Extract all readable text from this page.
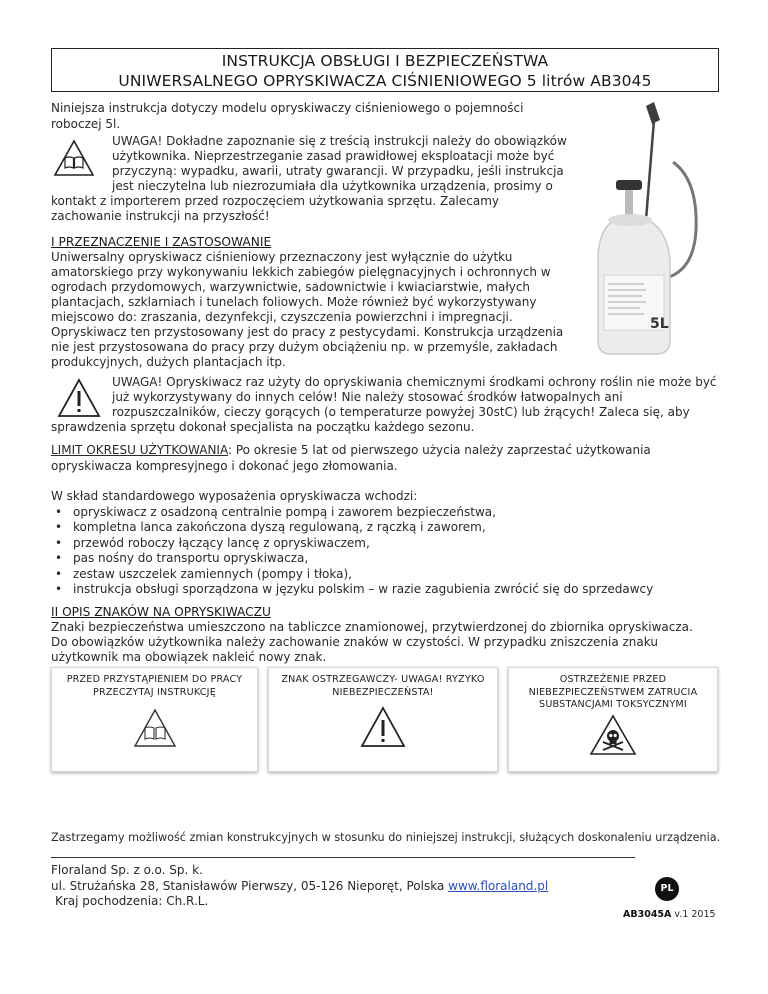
INSTRUKCJA OBSŁUGI I BEZPIECZEŃSTWA
UNIWERSALNEGO OPRYSKIWACZA CIŚNIENIOWEGO 5 litrów AB3045
Niniejsza instrukcja dotyczy modelu opryskiwaczy ciśnieniowego o pojemności
roboczej 5l.
UWAGA! Dokładne zapoznanie się z treścią instrukcji należy do obowiązków
użytkownika. Nieprzestrzeganie zasad prawidłowej eksploatacji może być
przyczyną: wypadku, awarii, utraty gwarancji. W przypadku, jeśli instrukcja
jest nieczytelna lub niezrozumiała dla użytkownika urządzenia, prosimy o
kontakt z importerem przed rozpoczęciem użytkowania sprzętu. Zalecamy
zachowanie instrukcji na przyszłość!
5L
I PRZEZNACZENIE I ZASTOSOWANIE
Uniwersalny opryskiwacz ciśnieniowy przeznaczony jest wyłącznie do użytku
amatorskiego przy wykonywaniu lekkich zabiegów pielęgnacyjnych i ochronnych w
ogrodach przydomowych, warzywnictwie, sadownictwie i kwiaciarstwie, małych
plantacjach, szklarniach i tunelach foliowych. Może również być wykorzystywany
miejscowo do: zraszania, dezynfekcji, czyszczenia powierzchni i impregnacji.
Opryskiwacz ten przystosowany jest do pracy z pestycydami. Konstrukcja urządzenia
nie jest przystosowana do pracy przy dużym obciążeniu np. w przemyśle, zakładach
produkcyjnych, dużych plantacjach itp.
UWAGA! Opryskiwacz raz użyty do opryskiwania chemicznymi środkami ochrony roślin nie może być
już wykorzystywany do innych celów! Nie należy stosować środków łatwopalnych ani
rozpuszczalników, cieczy gorących (o temperaturze powyżej 30stC) lub żrących! Zaleca się, aby
sprawdzenia sprzętu dokonał specjalista na początku każdego sezonu.
LIMIT OKRESU UŻYTKOWANIA: Po okresie 5 lat od pierwszego użycia należy zaprzestać użytkowania
opryskiwacza kompresyjnego i dokonać jego złomowania.
W skład standardowego wyposażenia opryskiwacza wchodzi:
• opryskiwacz z osadzoną centralnie pompą i zaworem bezpieczeństwa,
• kompletna lanca zakończona dyszą regulowaną, z rączką i zaworem,
• przewód roboczy łączący lancę z opryskiwaczem,
• pas nośny do transportu opryskiwacza,
• zestaw uszczelek zamiennych (pompy i tłoka),
• instrukcja obsługi sporządzona w języku polskim – w razie zagubienia zwrócić się do sprzedawcy
II OPIS ZNAKÓW NA OPRYSKIWACZU
Znaki bezpieczeństwa umieszczono na tabliczce znamionowej, przytwierdzonej do zbiornika opryskiwacza.
Do obowiązków użytkownika należy zachowanie znaków w czystości. W przypadku zniszczenia znaku
użytkownik ma obowiązek nakleić nowy znak.
PRZED PRZYSTĄPIENIEM DO PRACY
PRZECZYTAJ INSTRUKCJĘ
ZNAK OSTRZEGAWCZY- UWAGA! RYZYKO
NIEBEZPIECZEŃSTA!
OSTRZEŻENIE PRZED
NIEBEZPIECZEŃSTWEM ZATRUCIA
SUBSTANCJAMI TOKSYCZNYMI
Zastrzegamy możliwość zmian konstrukcyjnych w stosunku do niniejszej instrukcji, służących doskonaleniu urządzenia.
Floraland Sp. z o.o. Sp. k.
ul. Strużańska 28, Stanisławów Pierwszy, 05-126 Nieporęt, Polska www.floraland.pl
Kraj pochodzenia: Ch.R.L.
PL
AB3045A v.1 2015
